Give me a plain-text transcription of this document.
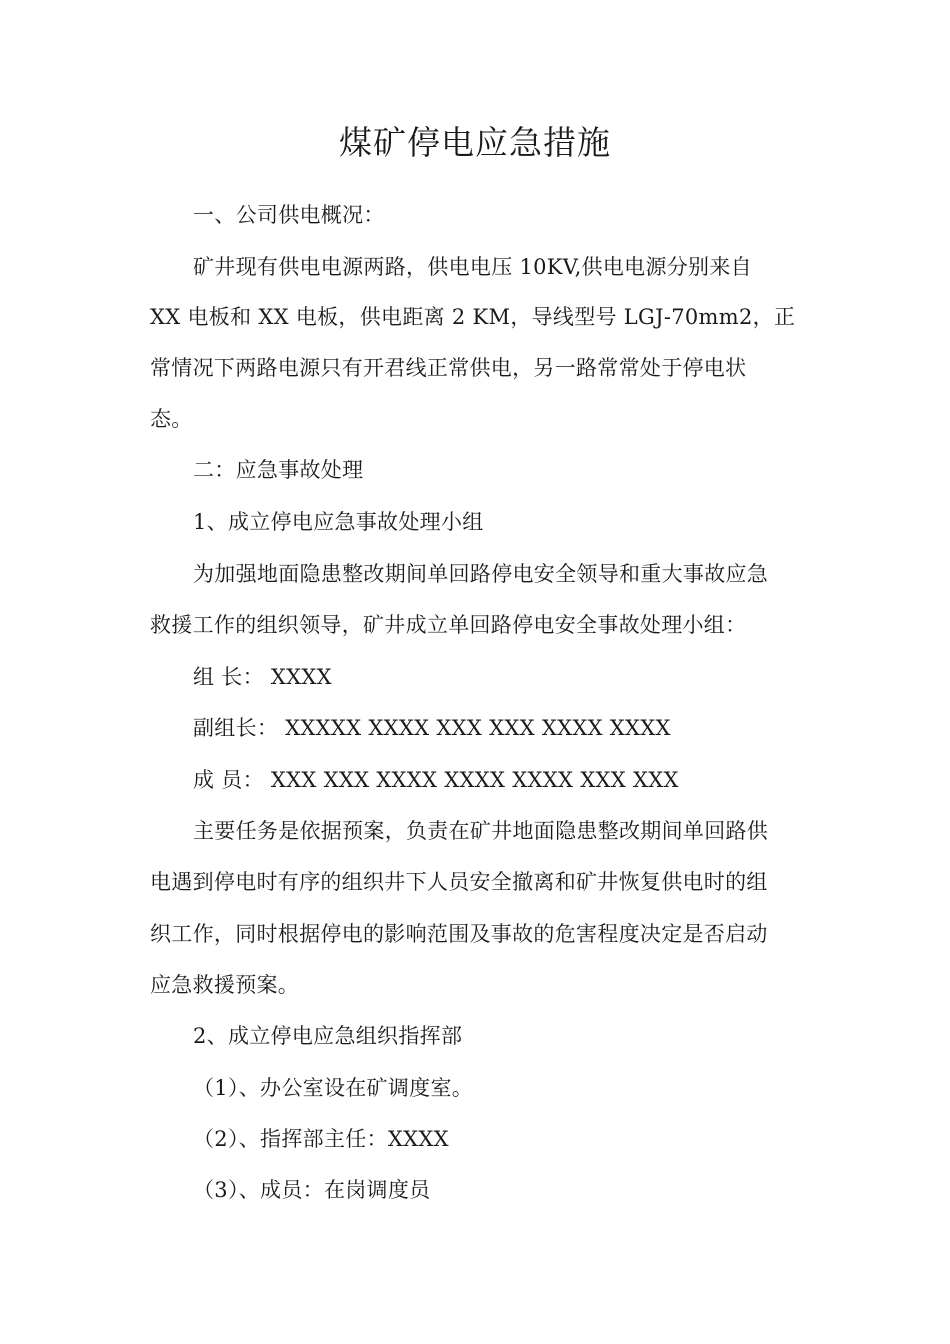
煤矿停电应急措施
一、公司供电概况：
矿井现有供电电源两路，供电电压 10KV,供电电源分别来自
XX 电板和 XX 电板，供电距离 2 KM，导线型号 LGJ-70mm2，正
常情况下两路电源只有开君线正常供电，另一路常常处于停电状
态。
二：应急事故处理
1、成立停电应急事故处理小组
为加强地面隐患整改期间单回路停电安全领导和重大事故应急
救援工作的组织领导，矿井成立单回路停电安全事故处理小组：
组 长： XXXX
副组长： XXXXX XXXX XXX XXX XXXX XXXX
成 员： XXX XXX XXXX XXXX XXXX XXX XXX
主要任务是依据预案，负责在矿井地面隐患整改期间单回路供
电遇到停电时有序的组织井下人员安全撤离和矿井恢复供电时的组
织工作，同时根据停电的影响范围及事故的危害程度决定是否启动
应急救援预案。
2、成立停电应急组织指挥部
（1）、办公室设在矿调度室。
（2）、指挥部主任：XXXX
（3）、成员：在岗调度员
